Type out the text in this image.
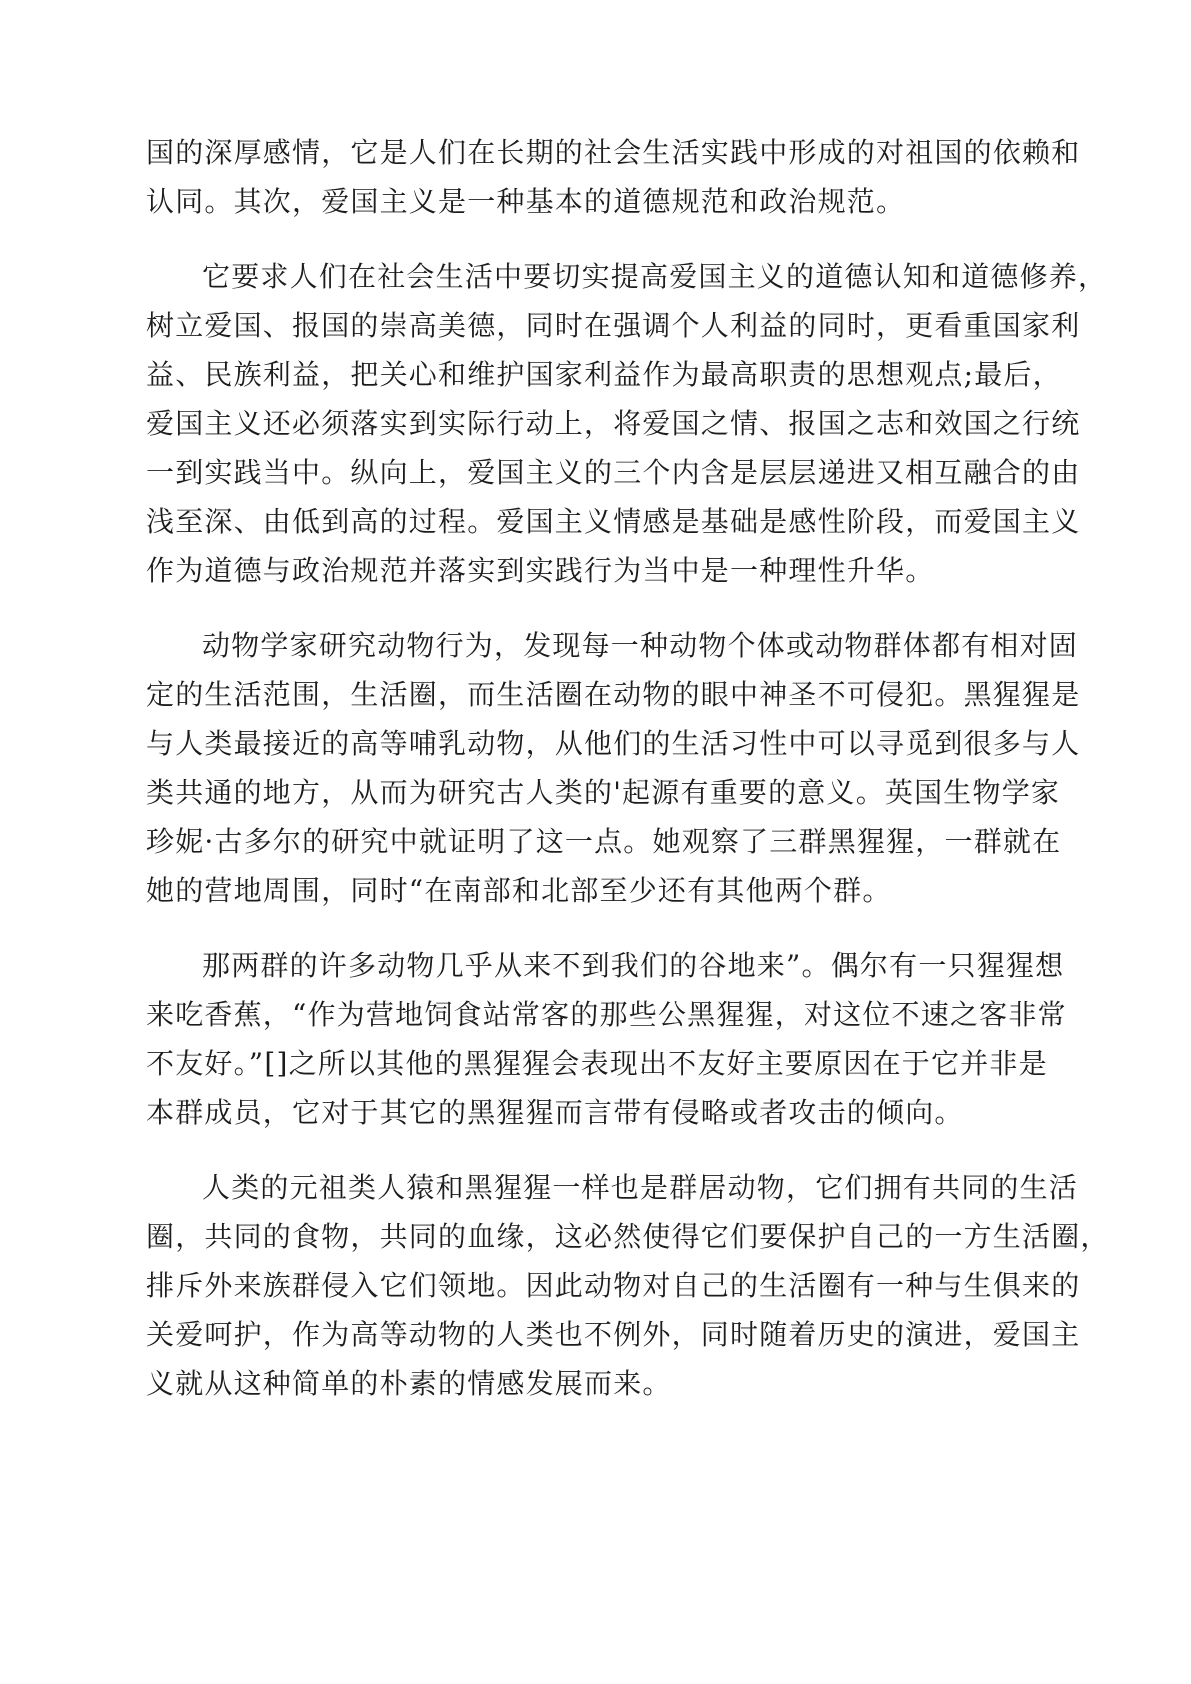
国的深厚感情，它是人们在长期的社会生活实践中形成的对祖国的依赖和
认同。其次，爱国主义是一种基本的道德规范和政治规范。

它要求人们在社会生活中要切实提高爱国主义的道德认知和道德修养，
树立爱国、报国的崇高美德，同时在强调个人利益的同时，更看重国家利
益、民族利益，把关心和维护国家利益作为最高职责的思想观点;最后，
爱国主义还必须落实到实际行动上，将爱国之情、报国之志和效国之行统
一到实践当中。纵向上，爱国主义的三个内含是层层递进又相互融合的由
浅至深、由低到高的过程。爱国主义情感是基础是感性阶段，而爱国主义
作为道德与政治规范并落实到实践行为当中是一种理性升华。

动物学家研究动物行为，发现每一种动物个体或动物群体都有相对固
定的生活范围，生活圈，而生活圈在动物的眼中神圣不可侵犯。黑猩猩是
与人类最接近的高等哺乳动物，从他们的生活习性中可以寻觅到很多与人
类共通的地方，从而为研究古人类的'起源有重要的意义。英国生物学家
珍妮·古多尔的研究中就证明了这一点。她观察了三群黑猩猩，一群就在
她的营地周围，同时“在南部和北部至少还有其他两个群。

那两群的许多动物几乎从来不到我们的谷地来”。偶尔有一只猩猩想
来吃香蕉，“作为营地饲食站常客的那些公黑猩猩，对这位不速之客非常
不友好。”[]之所以其他的黑猩猩会表现出不友好主要原因在于它并非是
本群成员，它对于其它的黑猩猩而言带有侵略或者攻击的倾向。

人类的元祖类人猿和黑猩猩一样也是群居动物，它们拥有共同的生活
圈，共同的食物，共同的血缘，这必然使得它们要保护自己的一方生活圈，
排斥外来族群侵入它们领地。因此动物对自己的生活圈有一种与生俱来的
关爱呵护，作为高等动物的人类也不例外，同时随着历史的演进，爱国主
义就从这种简单的朴素的情感发展而来。
